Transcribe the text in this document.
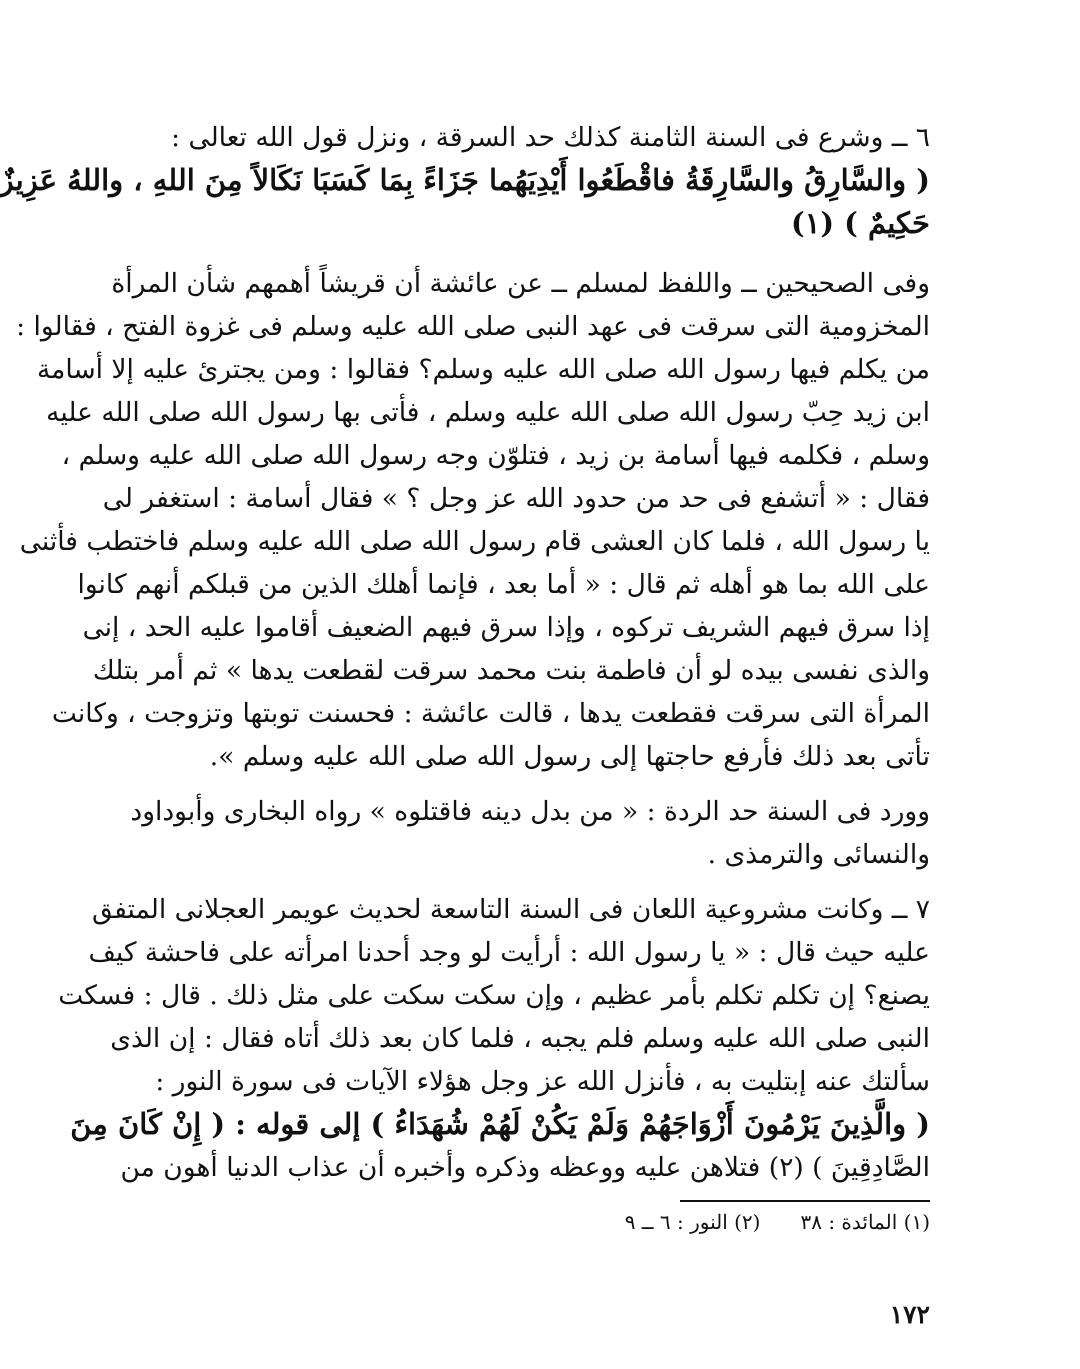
٦ ــ وشرع فى السنة الثامنة كذلك حد السرقة ، ونزل قول الله تعالى :
( والسَّارِقُ والسَّارِقَةُ فاقْطَعُوا أَيْدِيَهُما جَزَاءً بِمَا كَسَبَا نَكَالاً مِنَ اللهِ ، واللهُ عَزِيزٌ
حَكِيمٌ ) (١)

وفى الصحيحين ــ واللفظ لمسلم ــ عن عائشة أن قريشاً أهمهم شأن المرأة
المخزومية التى سرقت فى عهد النبى صلى الله عليه وسلم فى غزوة الفتح ، فقالوا :
من يكلم فيها رسول الله صلى الله عليه وسلم؟ فقالوا : ومن يجترئ عليه إلا أسامة
ابن زيد حِبّ رسول الله صلى الله عليه وسلم ، فأتى بها رسول الله صلى الله عليه
وسلم ، فكلمه فيها أسامة بن زيد ، فتلوّن وجه رسول الله صلى الله عليه وسلم ،
فقال : « أتشفع فى حد من حدود الله عز وجل ؟ » فقال أسامة : استغفر لى
يا رسول الله ، فلما كان العشى قام رسول الله صلى الله عليه وسلم فاختطب فأثنى
على الله بما هو أهله ثم قال : « أما بعد ، فإنما أهلك الذين من قبلكم أنهم كانوا
إذا سرق فيهم الشريف تركوه ، وإذا سرق فيهم الضعيف أقاموا عليه الحد ، إنى
والذى نفسى بيده لو أن فاطمة بنت محمد سرقت لقطعت يدها » ثم أمر بتلك
المرأة التى سرقت فقطعت يدها ، قالت عائشة : فحسنت توبتها وتزوجت ، وكانت
تأتى بعد ذلك فأرفع حاجتها إلى رسول الله صلى الله عليه وسلم ».

وورد فى السنة حد الردة : « من بدل دينه فاقتلوه » رواه البخارى وأبوداود
والنسائى والترمذى .

٧ ــ وكانت مشروعية اللعان فى السنة التاسعة لحديث عويمر العجلانى المتفق
عليه حيث قال : « يا رسول الله : أرأيت لو وجد أحدنا امرأته على فاحشة كيف
يصنع؟ إن تكلم تكلم بأمر عظيم ، وإن سكت سكت على مثل ذلك . قال : فسكت
النبى صلى الله عليه وسلم فلم يجبه ، فلما كان بعد ذلك أتاه فقال : إن الذى
سألتك عنه إبتليت به ، فأنزل الله عز وجل هؤلاء الآيات فى سورة النور :
( والَّذِينَ يَرْمُونَ أَزْوَاجَهُمْ وَلَمْ يَكُنْ لَهُمْ شُهَدَاءُ ) إلى قوله : ( إِنْ كَانَ مِنَ
الصَّادِقِينَ ) (٢) فتلاهن عليه ووعظه وذكره وأخبره أن عذاب الدنيا أهون من

(١) المائدة : ٣٨
(٢) النور : ٦ ــ ٩
١٧٢
